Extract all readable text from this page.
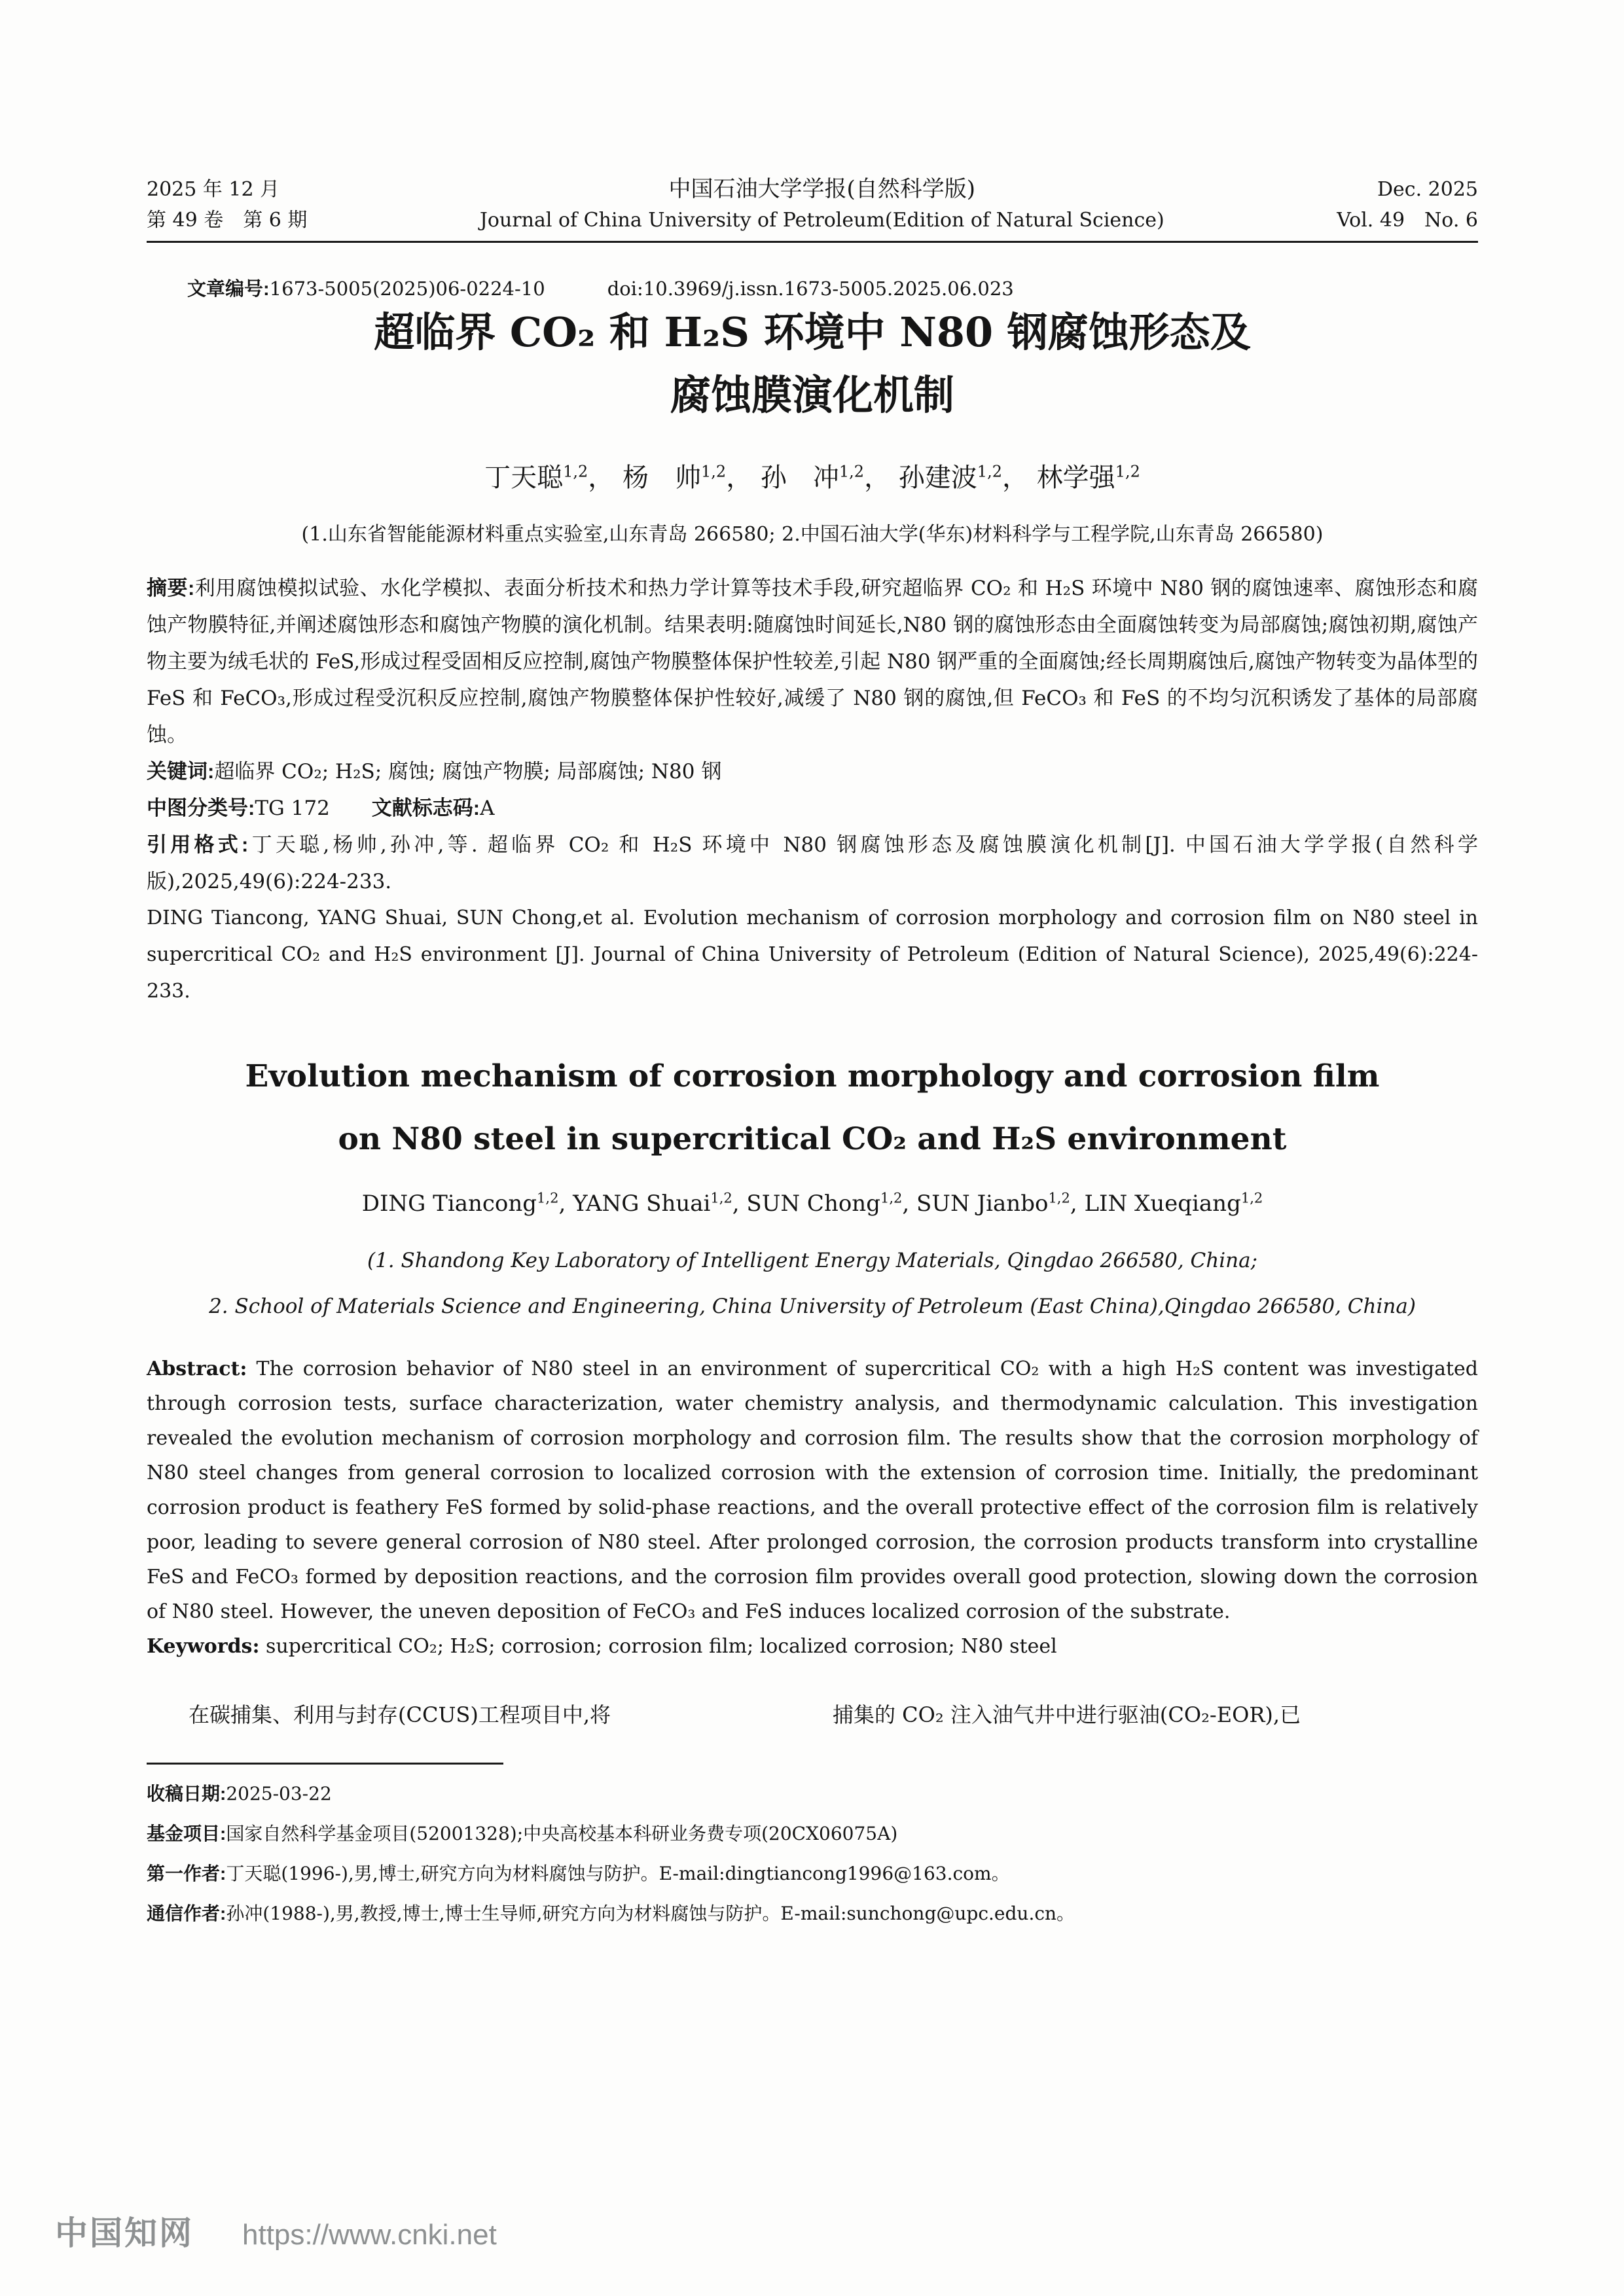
2025 年 12 月
第 49 卷　第 6 期
中国石油大学学报(自然科学版)
Journal of China University of Petroleum(Edition of Natural Science)
Dec. 2025
Vol. 49　No. 6
文章编号:1673-5005(2025)06-0224-10	doi:10.3969/j.issn.1673-5005.2025.06.023
超临界 CO₂ 和 H₂S 环境中 N80 钢腐蚀形态及
腐蚀膜演化机制
丁天聪$^{1,2}$， 杨　帅$^{1,2}$， 孙　冲$^{1,2}$， 孙建波$^{1,2}$， 林学强$^{1,2}$
(1.山东省智能能源材料重点实验室,山东青岛 266580; 2.中国石油大学(华东)材料科学与工程学院,山东青岛 266580)

摘要:利用腐蚀模拟试验、水化学模拟、表面分析技术和热力学计算等技术手段,研究超临界 CO₂ 和 H₂S 环境中 N80 钢的腐蚀速率、腐蚀形态和腐蚀产物膜特征,并阐述腐蚀形态和腐蚀产物膜的演化机制。结果表明:随腐蚀时间延长,N80 钢的腐蚀形态由全面腐蚀转变为局部腐蚀;腐蚀初期,腐蚀产物主要为绒毛状的 FeS,形成过程受固相反应控制,腐蚀产物膜整体保护性较差,引起 N80 钢严重的全面腐蚀;经长周期腐蚀后,腐蚀产物转变为晶体型的 FeS 和 FeCO₃,形成过程受沉积反应控制,腐蚀产物膜整体保护性较好,减缓了 N80 钢的腐蚀,但 FeCO₃ 和 FeS 的不均匀沉积诱发了基体的局部腐蚀。

关键词:超临界 CO₂; H₂S; 腐蚀; 腐蚀产物膜; 局部腐蚀; N80 钢

中图分类号:TG 172 文献标志码:A

引用格式:丁天聪,杨帅,孙冲,等. 超临界 CO₂ 和 H₂S 环境中 N80 钢腐蚀形态及腐蚀膜演化机制[J]. 中国石油大学学报(自然科学版),2025,49(6):224-233.

DING Tiancong, YANG Shuai, SUN Chong,et al. Evolution mechanism of corrosion morphology and corrosion film on N80 steel in supercritical CO₂ and H₂S environment [J]. Journal of China University of Petroleum (Edition of Natural Science), 2025,49(6):224-233.

Evolution mechanism of corrosion morphology and corrosion film
on N80 steel in supercritical CO₂ and H₂S environment
DING Tiancong$^{1,2}$, YANG Shuai$^{1,2}$, SUN Chong$^{1,2}$, SUN Jianbo$^{1,2}$, LIN Xueqiang$^{1,2}$
(1. Shandong Key Laboratory of Intelligent Energy Materials, Qingdao 266580, China;
2. School of Materials Science and Engineering, China University of Petroleum (East China),Qingdao 266580, China)

Abstract: The corrosion behavior of N80 steel in an environment of supercritical CO₂ with a high H₂S content was investigated through corrosion tests, surface characterization, water chemistry analysis, and thermodynamic calculation. This investigation revealed the evolution mechanism of corrosion morphology and corrosion film. The results show that the corrosion morphology of N80 steel changes from general corrosion to localized corrosion with the extension of corrosion time. Initially, the predominant corrosion product is feathery FeS formed by solid-phase reactions, and the overall protective effect of the corrosion film is relatively poor, leading to severe general corrosion of N80 steel. After prolonged corrosion, the corrosion products transform into crystalline FeS and FeCO₃ formed by deposition reactions, and the corrosion film provides overall good protection, slowing down the corrosion of N80 steel. However, the uneven deposition of FeCO₃ and FeS induces localized corrosion of the substrate.

Keywords: supercritical CO₂; H₂S; corrosion; corrosion film; localized corrosion; N80 steel

在碳捕集、利用与封存(CCUS)工程项目中,将	捕集的 CO₂ 注入油气井中进行驱油(CO₂-EOR),已

收稿日期:2025-03-22

基金项目:国家自然科学基金项目(52001328);中央高校基本科研业务费专项(20CX06075A)

第一作者:丁天聪(1996-),男,博士,研究方向为材料腐蚀与防护。E-mail:dingtiancong1996@163.com。

通信作者:孙冲(1988-),男,教授,博士,博士生导师,研究方向为材料腐蚀与防护。E-mail:sunchong@upc.edu.cn。

中国知网 https://www.cnki.net
